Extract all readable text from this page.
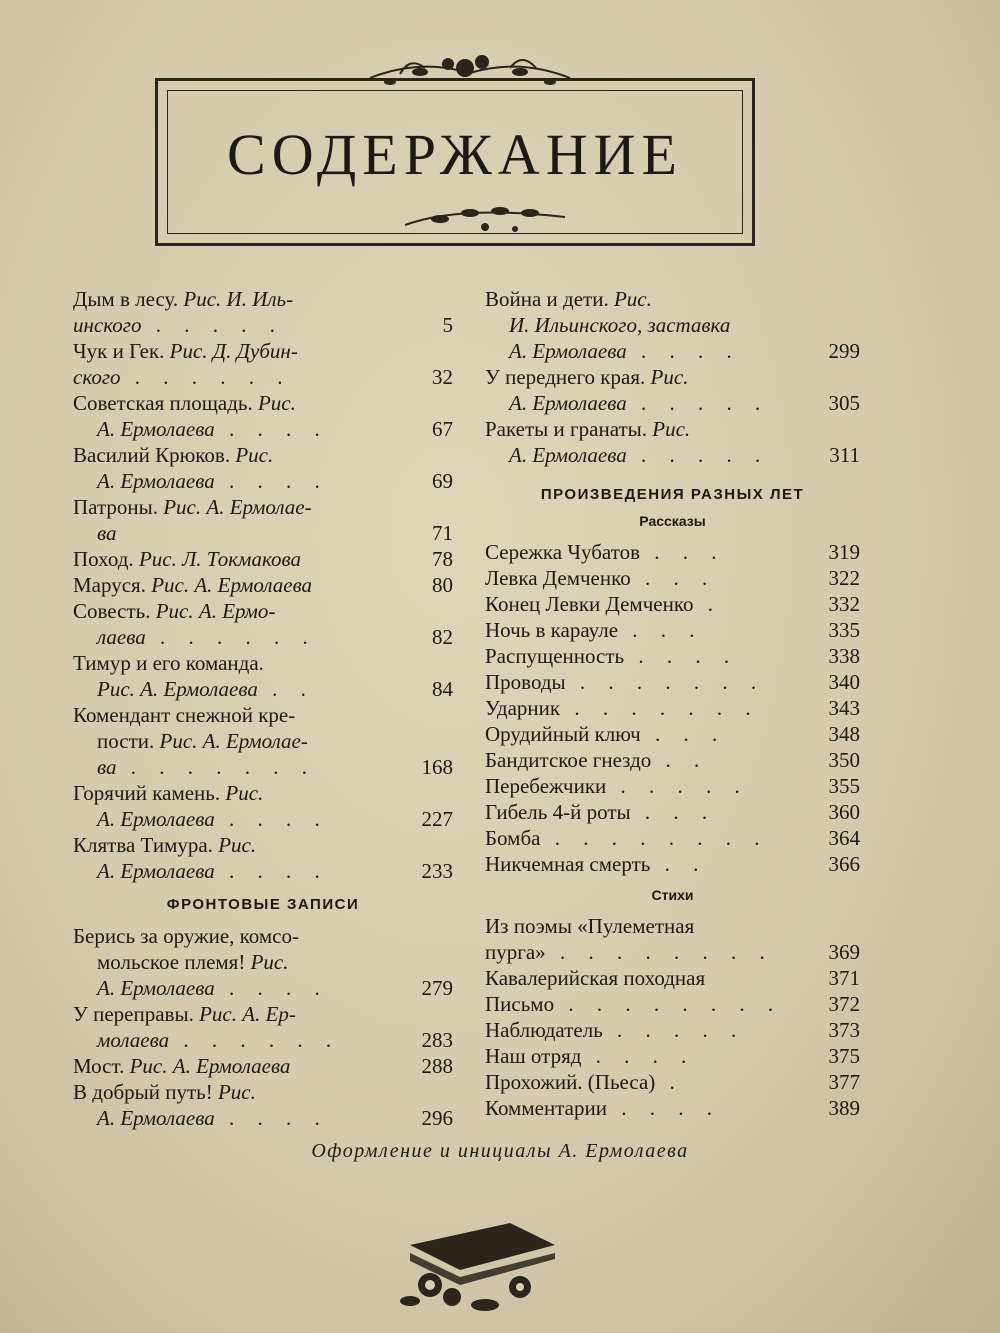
СОДЕРЖАНИЕ
Дым в лесу. Рис. И. Иль-
инского . . . . .	5
Чук и Гек. Рис. Д. Дубин-
ского . . . . . .	32
Советская площадь. Рис.
А. Ермолаева . . . .	67
Василий Крюков. Рис.
А. Ермолаева . . . .	69
Патроны. Рис. А. Ермолае-
ва	71
Поход. Рис. Л. Токмакова	78
Маруся. Рис. А. Ермолаева	80
Совесть. Рис. А. Ермо-
лаева . . . . . .	82
Тимур и его команда.
Рис. А. Ермолаева . .	84
Комендант снежной кре-
пости. Рис. А. Ермолае-
ва . . . . . . .	168
Горячий камень. Рис.
А. Ермолаева . . . .	227
Клятва Тимура. Рис.
А. Ермолаева . . . .	233
ФРОНТОВЫЕ ЗАПИСИ
Берись за оружие, комсо-
мольское племя! Рис.
А. Ермолаева . . . .	279
У переправы. Рис. А. Ер-
молаева . . . . . .	283
Мост. Рис. А. Ермолаева	288
В добрый путь! Рис.
А. Ермолаева . . . .	296
Война и дети. Рис.
И. Ильинского, заставка
А. Ермолаева . . . .	299
У переднего края. Рис.
А. Ермолаева . . . . .	305
Ракеты и гранаты. Рис.
А. Ермолаева . . . . .	311
ПРОИЗВЕДЕНИЯ РАЗНЫХ ЛЕТ
Рассказы
Сережка Чубатов . . .	319
Левка Демченко . . .	322
Конец Левки Демченко .	332
Ночь в карауле . . .	335
Распущенность . . . .	338
Проводы . . . . . . .	340
Ударник . . . . . . .	343
Орудийный ключ . . .	348
Бандитское гнездо . .	350
Перебежчики . . . . .	355
Гибель 4-й роты . . .	360
Бомба . . . . . . . .	364
Никчемная смерть . .	366
Стихи
Из поэмы «Пулеметная
пурга» . . . . . . . .	369
Кавалерийская походная	371
Письмо . . . . . . . .	372
Наблюдатель . . . . .	373
Наш отряд . . . .	375
Прохожий. (Пьеса) .	377
Комментарии . . . .	389
Оформление и инициалы А. Ермолаева
